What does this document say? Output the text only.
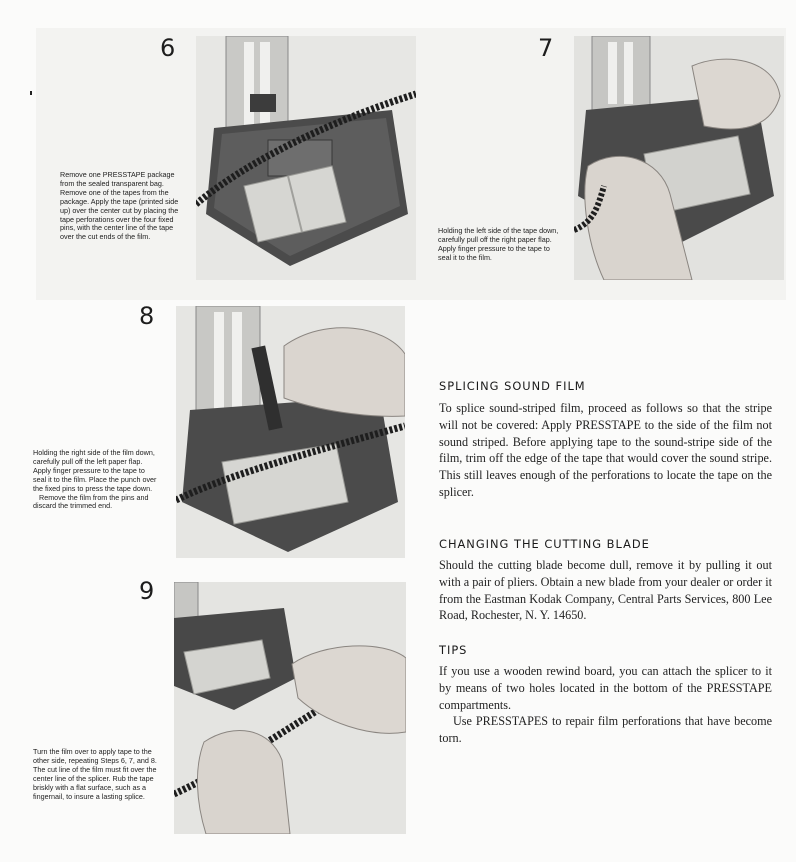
6

Remove one PRESSTAPE package from the sealed transparent bag. Remove one of the tapes from the package. Apply the tape (printed side up) over the center cut by placing the tape perforations over the four fixed pins, with the center line of the tape over the cut ends of the film.

7

Holding the left side of the tape down, carefully pull off the right paper flap. Apply finger pressure to the tape to seal it to the film.

8

Holding the right side of the film down, carefully pull off the left paper flap. Apply finger pressure to the tape to seal it to the film. Place the punch over the fixed pins to press the tape down.

Remove the film from the pins and discard the trimmed end.

9

Turn the film over to apply tape to the other side, repeating Steps 6, 7, and 8. The cut line of the film must fit over the center line of the splicer. Rub the tape briskly with a flat surface, such as a fingernail, to insure a lasting splice.

SPLICING SOUND FILM

To splice sound-striped film, proceed as follows so that the stripe will not be covered: Apply PRESSTAPE to the side of the film not sound striped. Before applying tape to the sound-stripe side of the film, trim off the edge of the tape that would cover the sound stripe. This still leaves enough of the perforations to locate the tape on the splicer.

CHANGING THE CUTTING BLADE

Should the cutting blade become dull, remove it by pulling it out with a pair of pliers. Obtain a new blade from your dealer or order it from the Eastman Kodak Company, Central Parts Services, 800 Lee Road, Rochester, N. Y. 14650.

TIPS

If you use a wooden rewind board, you can attach the splicer to it by means of two holes located in the bottom of the PRESSTAPE compartments.

Use PRESSTAPES to repair film perforations that have become torn.
